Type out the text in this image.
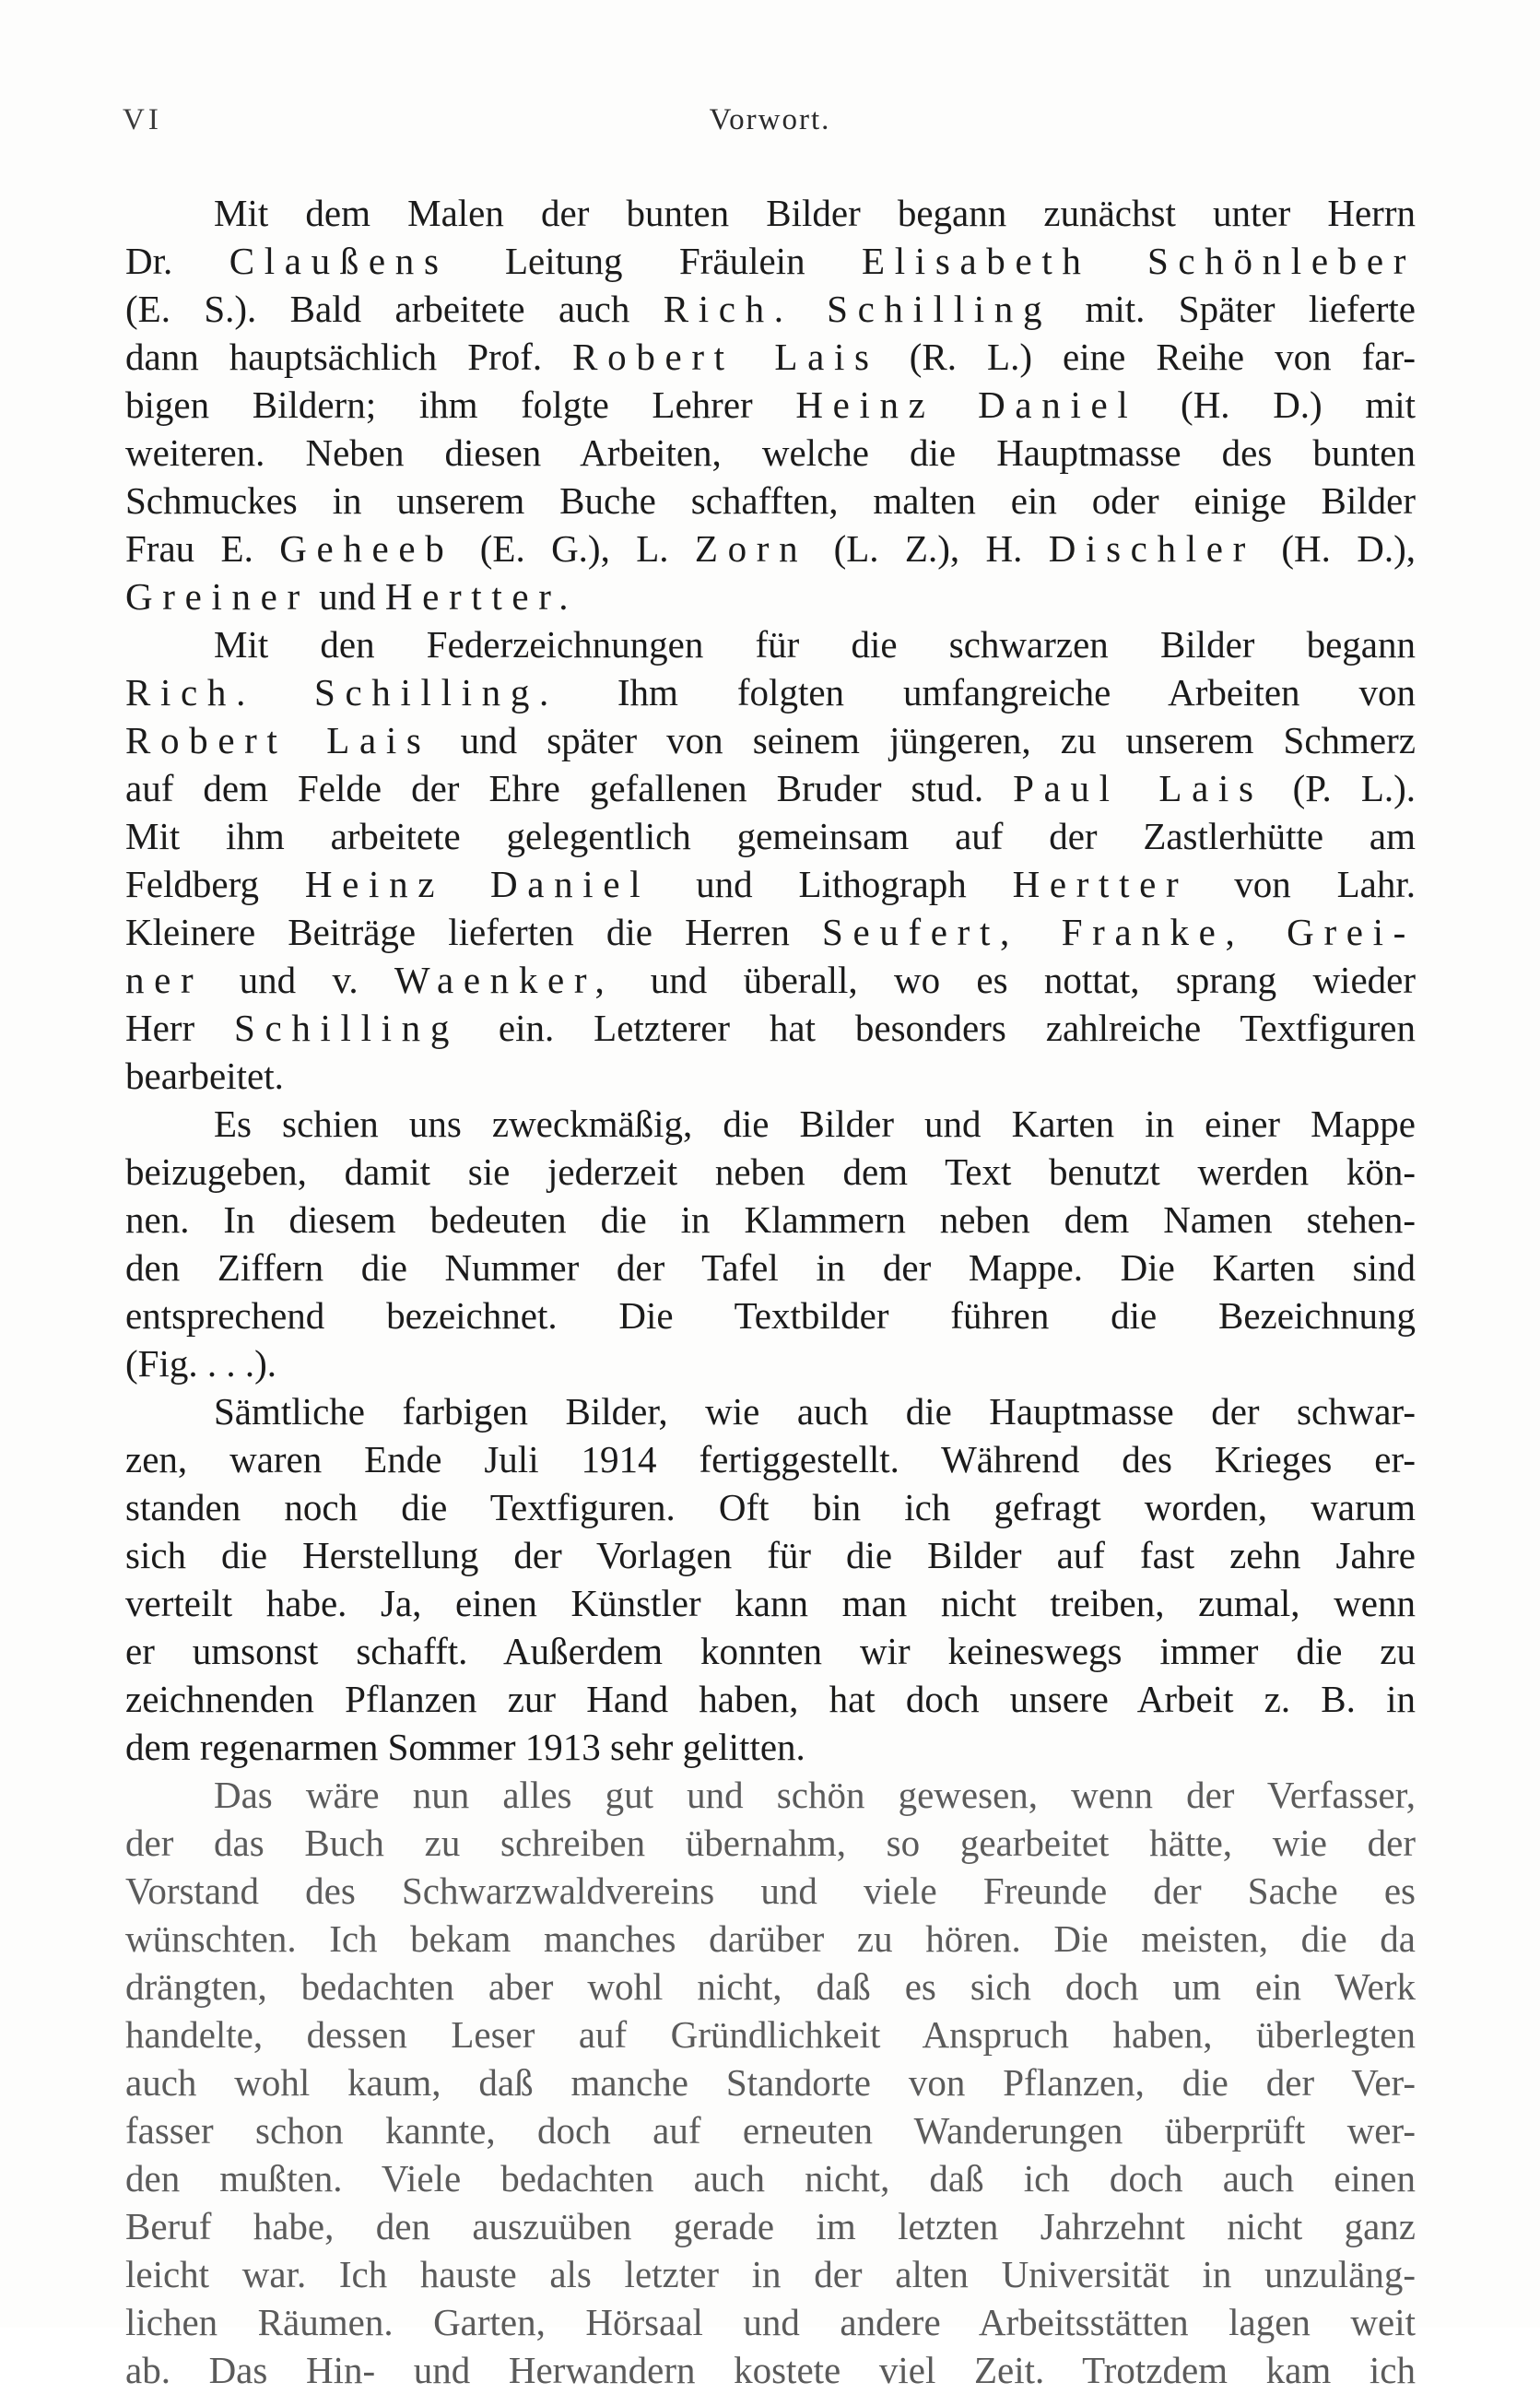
VI	Vorwort.
Mit dem Malen der bunten Bilder begann zunächst unter Herrn
Dr. Claußens Leitung Fräulein Elisabeth Schönleber
(E. S.). Bald arbeitete auch Rich. Schilling mit. Später lieferte
dann hauptsächlich Prof. Robert Lais (R. L.) eine Reihe von far-
bigen Bildern; ihm folgte Lehrer Heinz Daniel (H. D.) mit
weiteren. Neben diesen Arbeiten, welche die Hauptmasse des bunten
Schmuckes in unserem Buche schafften, malten ein oder einige Bilder
Frau E. Geheeb (E. G.), L. Zorn (L. Z.), H. Dischler (H. D.),
Greiner und Hertter.
Mit den Federzeichnungen für die schwarzen Bilder begann
Rich. Schilling. Ihm folgten umfangreiche Arbeiten von
Robert Lais und später von seinem jüngeren, zu unserem Schmerz
auf dem Felde der Ehre gefallenen Bruder stud. Paul Lais (P. L.).
Mit ihm arbeitete gelegentlich gemeinsam auf der Zastlerhütte am
Feldberg Heinz Daniel und Lithograph Hertter von Lahr.
Kleinere Beiträge lieferten die Herren Seufert, Franke, Grei-
ner und v. Waenker, und überall, wo es nottat, sprang wieder
Herr Schilling ein. Letzterer hat besonders zahlreiche Textfiguren
bearbeitet.
Es schien uns zweckmäßig, die Bilder und Karten in einer Mappe
beizugeben, damit sie jederzeit neben dem Text benutzt werden kön-
nen. In diesem bedeuten die in Klammern neben dem Namen stehen-
den Ziffern die Nummer der Tafel in der Mappe. Die Karten sind
entsprechend bezeichnet. Die Textbilder führen die Bezeichnung
(Fig. . . .).
Sämtliche farbigen Bilder, wie auch die Hauptmasse der schwar-
zen, waren Ende Juli 1914 fertiggestellt. Während des Krieges er-
standen noch die Textfiguren. Oft bin ich gefragt worden, warum
sich die Herstellung der Vorlagen für die Bilder auf fast zehn Jahre
verteilt habe. Ja, einen Künstler kann man nicht treiben, zumal, wenn
er umsonst schafft. Außerdem konnten wir keineswegs immer die zu
zeichnenden Pflanzen zur Hand haben, hat doch unsere Arbeit z. B. in
dem regenarmen Sommer 1913 sehr gelitten.
Das wäre nun alles gut und schön gewesen, wenn der Verfasser,
der das Buch zu schreiben übernahm, so gearbeitet hätte, wie der
Vorstand des Schwarzwaldvereins und viele Freunde der Sache es
wünschten. Ich bekam manches darüber zu hören. Die meisten, die da
drängten, bedachten aber wohl nicht, daß es sich doch um ein Werk
handelte, dessen Leser auf Gründlichkeit Anspruch haben, überlegten
auch wohl kaum, daß manche Standorte von Pflanzen, die der Ver-
fasser schon kannte, doch auf erneuten Wanderungen überprüft wer-
den mußten. Viele bedachten auch nicht, daß ich doch auch einen
Beruf habe, den auszuüben gerade im letzten Jahrzehnt nicht ganz
leicht war. Ich hauste als letzter in der alten Universität in unzuläng-
lichen Räumen. Garten, Hörsaal und andere Arbeitsstätten lagen weit
ab. Das Hin- und Herwandern kostete viel Zeit. Trotzdem kam ich
